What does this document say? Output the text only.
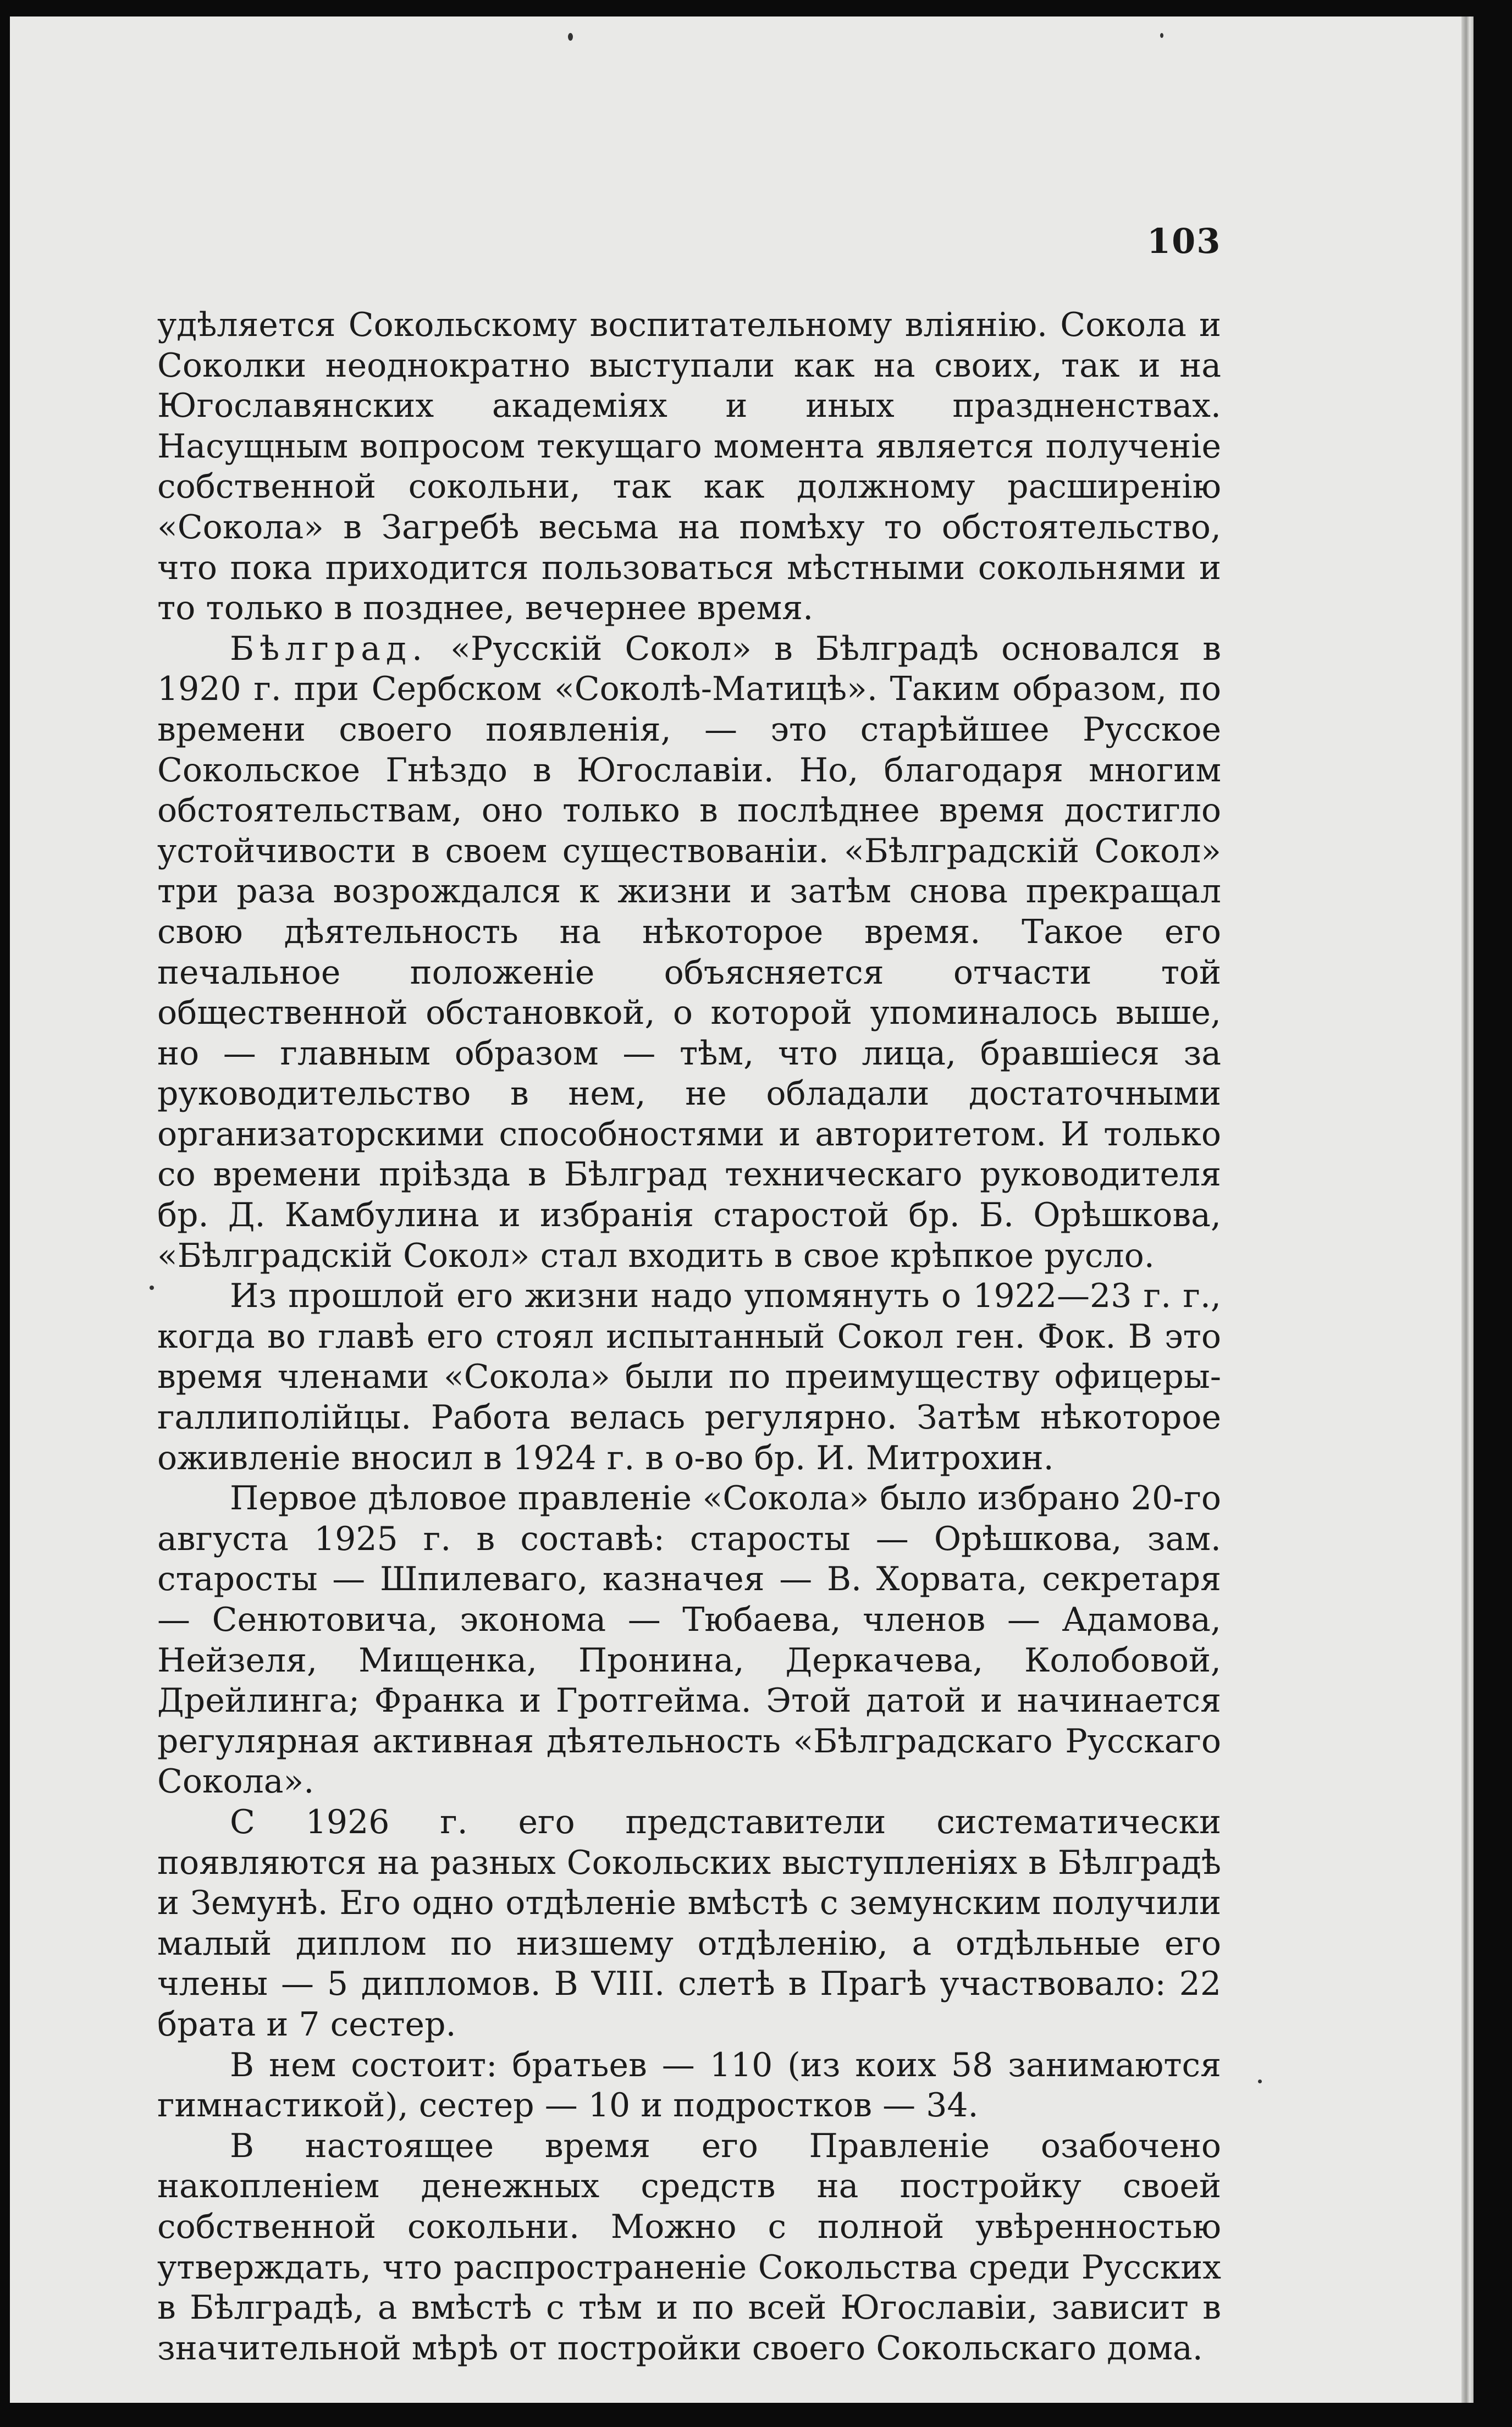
103

удѣляется Сокольскому воспитательному вліянію. Сокола и Соколки неоднократно выступали как на своих, так и на Югославянских академіях и иных праздненствах. Насущным вопросом текущаго момента является полученіе собственной сокольни, так как должному расширенію «Сокола» в Загребѣ весьма на помѣху то обстоятельство, что пока приходится пользоваться мѣстными сокольнями и то только в позднее, вечернее время.

Бѣлград. «Русскій Сокол» в Бѣлградѣ основался в 1920 г. при Сербском «Соколѣ-Матицѣ». Таким образом, по времени своего появленія, — это старѣйшее Русское Сокольское Гнѣздо в Югославіи. Но, благодаря многим обстоятельствам, оно только в послѣднее время достигло устойчивости в своем существованіи. «Бѣлградскій Сокол» три раза возрождался к жизни и затѣм снова прекращал свою дѣятельность на нѣкоторое время. Такое его печальное положеніе объясняется отчасти той общественной обстановкой, о которой упоминалось выше, но — главным образом — тѣм, что лица, бравшіеся за руководительство в нем, не обладали достаточными организаторскими способностями и авторитетом. И только со времени пріѣзда в Бѣлград техническаго руководителя бр. Д. Камбулина и избранія старостой бр. Б. Орѣшкова, «Бѣлградскій Сокол» стал входить в свое крѣпкое русло.

Из прошлой его жизни надо упомянуть о 1922—23 г. г., когда во главѣ его стоял испытанный Сокол ген. Фок. В это время членами «Сокола» были по преимуществу офицеры-галлиполійцы. Работа велась регулярно. Затѣм нѣкоторое оживленіе вносил в 1924 г. в о-во бр. И. Митрохин.

Первое дѣловое правленіе «Сокола» было избрано 20-го августа 1925 г. в составѣ: старосты — Орѣшкова, зам. старосты — Шпилеваго, казначея — В. Хорвата, секретаря — Сенютовича, эконома — Тюбаева, членов — Адамова, Нейзеля, Мищенка, Пронина, Деркачева, Колобовой, Дрейлинга; Франка и Гротгейма. Этой датой и начинается регулярная активная дѣятельность «Бѣлградскаго Русскаго Сокола».

С 1926 г. его представители систематически появляются на разных Сокольских выступленіях в Бѣлградѣ и Земунѣ. Его одно отдѣленіе вмѣстѣ с земунским получили малый диплом по низшему отдѣленію, а отдѣльные его члены — 5 дипломов. В VIII. слетѣ в Прагѣ участвовало: 22 брата и 7 сестер.

В нем состоит: братьев — 110 (из коих 58 занимаются гимнастикой), сестер — 10 и подростков — 34.

В настоящее время его Правленіе озабочено накопленіем денежных средств на постройку своей собственной сокольни. Можно с полной увѣренностью утверждать, что распространеніе Сокольства среди Русских в Бѣлградѣ, а вмѣстѣ с тѣм и по всей Югославіи, зависит в значительной мѣрѣ от постройки своего Сокольскаго дома.
